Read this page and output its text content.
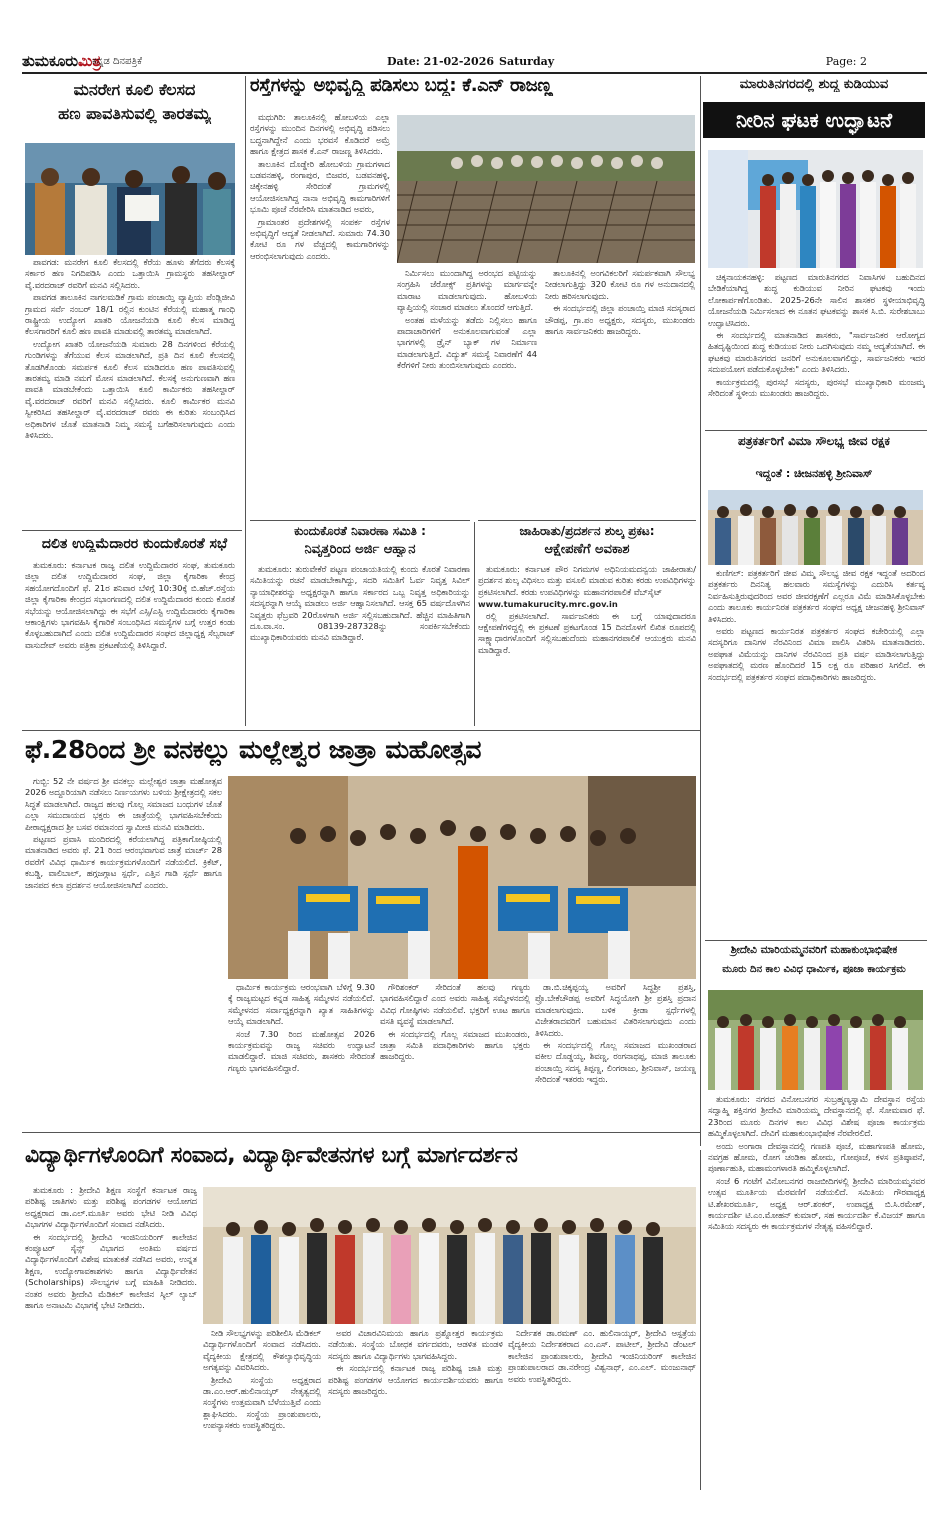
ತುಮಕೂರುಮಿತ್ರ
ಕನ್ನಡ ದಿನಪತ್ರಿಕೆ	Date: 21-02-2026 Saturday	Page: 2
ಮನರೇಗ ಕೂಲಿ ಕೆಲಸದ
ಹಣ ಪಾವತಿಸುವಲ್ಲಿ ತಾರತಮ್ಯ

ಪಾವಗಡ: ಮನರೇಗ ಕೂಲಿ ಕೆಲಸದಲ್ಲಿ ಕೆರೆಯ ಹೂಳು ತೆಗೆದರು ಕೆಲಸಕ್ಕೆ ಸರ್ಕಾರ ಹಣ ನಿಗದಿಪಡಿಸಿ ಎಂದು ಒತ್ತಾಯಿಸಿ ಗ್ರಾಮಸ್ಥರು ತಹಸೀಲ್ದಾರ್ ವೈ.ವರದರಾಜ್ ರವರಿಗೆ ಮನವಿ ಸಲ್ಲಿಸಿದರು.

ಪಾವಗಡ ತಾಲೂಕಿನ ನಾಗಲಮಡಿಕೆ ಗ್ರಾಮ ಪಂಚಾಯ್ತಿ ವ್ಯಾಪ್ತಿಯ ಪೆಂಡ್ಲಿಜೀವಿ ಗ್ರಾಮದ ಸರ್ವೆ ನಂಬರ್ 18/1 ರಲ್ಲಿನ ಕುಂಟಿನ ಕೆರೆಯಲ್ಲಿ ಮಹಾತ್ಮ ಗಾಂಧಿ ರಾಷ್ಟ್ರೀಯ ಉದ್ಯೋಗ ಖಾತರಿ ಯೋಜನೆಯಡಿ ಕೂಲಿ ಕೆಲಸ ಮಾಡಿದ್ದ ಕೆಲಸಗಾರರಿಗೆ ಕೂಲಿ ಹಣ ಪಾವತಿ ಮಾಡುವಲ್ಲಿ ತಾರತಮ್ಯ ಮಾಡಲಾಗಿದೆ.

ಉದ್ಯೋಗ ಖಾತರಿ ಯೋಜನೆಯಡಿ ಸುಮಾರು 28 ದಿನಗಳಿಂದ ಕೆರೆಯಲ್ಲಿ ಗುಂಡಿಗಳನ್ನು ತೆಗೆಯುವ ಕೆಲಸ ಮಾಡಲಾಗಿದೆ, ಪ್ರತಿ ದಿನ ಕೂಲಿ ಕೆಲಸದಲ್ಲಿ ತೊಡಗಿಕೊಂಡು ಸಮರ್ಪಕ ಕೂಲಿ ಕೆಲಸ ಮಾಡಿದರೂ ಹಣ ಪಾವತಿಸುವಲ್ಲಿ ತಾರತಮ್ಯ ಮಾಡಿ ನಮಗೆ ಮೋಸ ಮಾಡಲಾಗಿದೆ. ಕೆಲಸಕ್ಕೆ ಅನುಗುಣವಾಗಿ ಹಣ ಪಾವತಿ ಮಾಡಬೇಕೆಂದು ಒತ್ತಾಯಿಸಿ ಕೂಲಿ ಕಾರ್ಮಿಕರು ತಹಸೀಲ್ದಾರ್ ವೈ.ವರದರಾಜ್ ರವರಿಗೆ ಮನವಿ ಸಲ್ಲಿಸಿದರು. ಕೂಲಿ ಕಾರ್ಮಿಕರ ಮನವಿ ಸ್ವೀಕರಿಸಿದ ತಹಸೀಲ್ದಾರ್ ವೈ.ವರದರಾಜ್ ರವರು ಈ ಕುರಿತು ಸಂಬಂಧಿಸಿದ ಅಧಿಕಾರಿಗಳ ಜೊತೆ ಮಾತನಾಡಿ ನಿಮ್ಮ ಸಮಸ್ಯೆ ಬಗೆಹರಿಸಲಾಗುವುದು ಎಂದು ತಿಳಿಸಿದರು.

ದಲಿತ ಉದ್ದಿಮೆದಾರರ ಕುಂದುಕೊರತೆ ಸಭೆ

ತುಮಕೂರು: ಕರ್ನಾಟಕ ರಾಜ್ಯ ದಲಿತ ಉದ್ದಿಮೆದಾರರ ಸಂಘ, ತುಮಕೂರು ಜಿಲ್ಲಾ ದಲಿತ ಉದ್ದಿಮೆದಾರರ ಸಂಘ, ಜಿಲ್ಲಾ ಕೈಗಾರಿಕಾ ಕೇಂದ್ರ ಸಹಯೋಗದೊಂದಿಗೆ ಫೆ. 21ರ ಶನಿವಾರ ಬೆಳಿಗ್ಗೆ 10:30ಕ್ಕೆ ಬಿ.ಹೆಚ್.ರಸ್ತೆಯ ಜಿಲ್ಲಾ ಕೈಗಾರಿಕಾ ಕೇಂದ್ರದ ಸಭಾಂಗಣದಲ್ಲಿ ದಲಿತ ಉದ್ದಿಮೆದಾರರ ಕುಂದು ಕೊರತೆ ಸಭೆಯನ್ನು ಆಯೋಜಿಸಲಾಗಿದ್ದು ಈ ಸಭೆಗೆ ಎಸ್ಸಿ/ಎಸ್ಟಿ ಉದ್ದಿಮೆದಾರರು ಕೈಗಾರಿಕಾ ಆಕಾಂಕ್ಷಿಗಳು ಭಾಗವಹಿಸಿ ಕೈಗಾರಿಕೆ ಸಂಬಂಧಿಸಿದ ಸಮಸ್ಯೆಗಳ ಬಗ್ಗೆ ಉತ್ತರ ಕಂಡು ಕೊಳ್ಳಬಹುದಾಗಿದೆ ಎಂದು ದಲಿತ ಉದ್ದಿಮೆದಾರರ ಸಂಘದ ಜಿಲ್ಲಾಧ್ಯಕ್ಷ ಸೆಲ್ವರಾಜ್ ವಾಸುದೇವ್ ಅವರು ಪತ್ರಿಕಾ ಪ್ರಕಟಣೆಯಲ್ಲಿ ತಿಳಿಸಿದ್ದಾರೆ.

ರಸ್ತೆಗಳನ್ನು ಅಭಿವೃದ್ಧಿ ಪಡಿಸಲು ಬದ್ಧ: ಕೆ.ಎನ್ ರಾಜಣ್ಣ

ಮಧುಗಿರಿ: ತಾಲೂಕಿನಲ್ಲಿ ಹೋಬಳಿಯ ಎಲ್ಲಾ ರಸ್ತೆಗಳನ್ನು ಮುಂದಿನ ದಿನಗಳಲ್ಲಿ ಅಭಿವೃದ್ಧಿ ಪಡಿಸಲು ಬದ್ಧನಾಗಿದ್ದೇನೆ ಎಂದು ಭರವಸೆ ಕೊಡಿದರೆ ಅಮ್ರೆ ಹಾಗೂ ಕ್ಷೇತ್ರದ ಶಾಸಕ ಕೆ.ಎನ್ ರಾಜಣ್ಣ ತಿಳಿಸಿದರು.

ತಾಲೂಕಿನ ದೊಡ್ಡೇರಿ ಹೋಬಳಿಯ ಗ್ರಾಮಗಳಾದ ಬಡವನಹಳ್ಳಿ, ರಂಗಾಪುರ, ಬಿಜವರ, ಬಡವನಹಳ್ಳಿ, ಚಿಕ್ಕೇನಹಳ್ಳಿ ಸೇರಿದಂತೆ ಗ್ರಾಮಗಳಲ್ಲಿ ಆಯೋಜಿಸಲಾಗಿದ್ದ ನಾನಾ ಅಭಿವೃದ್ಧಿ ಕಾಮಗಾರಿಗಳಿಗೆ ಭೂಮಿ ಪೂಜೆ ನೆರವೇರಿಸಿ ಮಾತನಾಡಿದ ಅವರು,

ಗ್ರಾಮಾಂತರ ಪ್ರದೇಶಗಳಲ್ಲಿ ಸಂಪರ್ಕ ರಸ್ತೆಗಳ ಅಭಿವೃದ್ಧಿಗೆ ಆದ್ಯತೆ ನೀಡಲಾಗಿದೆ. ಸುಮಾರು 74.30 ಕೋಟಿ ರೂ ಗಳ ವೆಚ್ಚದಲ್ಲಿ ಕಾಮಗಾರಿಗಳನ್ನು ಆರಂಭಿಸಲಾಗುವುದು ಎಂದರು.

ನಿರ್ಮಿಸಲು ಮುಂದಾಗಿದ್ದ ಅರಂಭದ ಪಟ್ಟಿಯನ್ನು ಸಂಗ್ರಹಿಸಿ ಜೆರೋಕ್ಸ್ ಪ್ರತಿಗಳನ್ನು ಮಾರ್ಗವನ್ನೇ ಮಾರಾಟ ಮಾಡಲಾಗುವುದು. ಹೋಬಳಿಯ ವ್ಯಾಪ್ತಿಯಲ್ಲಿ ಸಂಚಾರ ಮಾಡಲು ತೊಂದರೆ ಆಗುತ್ತಿದೆ.

ಅಂತಹ ಮಳೆಯನ್ನು ತಡೆದು ನಿಲ್ಲಿಸಲು ಹಾಗೂ ಪಾದಾಚಾರಿಗಳಿಗೆ ಅನುಕೂಲವಾಗುವಂತೆ ಎಲ್ಲಾ ಭಾಗಗಳಲ್ಲಿ ಡ್ರೈನ್ ಬ್ಯಾಕ್ ಗಳ ನಿರ್ಮಾಣ ಮಾಡಲಾಗುತ್ತಿದೆ. ವಿದ್ಯುತ್ ಸಮಸ್ಯೆ ನಿವಾರಣೆಗೆ 44 ಕೆರೆಗಳಿಗೆ ನೀರು ತುಂಬಿಸಲಾಗುವುದು ಎಂದರು.

ತಾಲೂಕಿನಲ್ಲಿ ಅಂಗವಿಕಲರಿಗೆ ಸಮರ್ಪಕವಾಗಿ ಸೌಲಭ್ಯ ನೀಡಲಾಗುತ್ತಿದ್ದು 320 ಕೋಟಿ ರೂ ಗಳ ಅನುದಾನದಲ್ಲಿ ನೀರು ಹರಿಸಲಾಗುವುದು.

ಈ ಸಂದರ್ಭದಲ್ಲಿ ಜಿಲ್ಲಾ ಪಂಚಾಯ್ತಿ ಮಾಜಿ ಸದಸ್ಯರಾದ ಚೌಡಪ್ಪ, ಗ್ರಾ.ಪಂ ಅಧ್ಯಕ್ಷರು, ಸದಸ್ಯರು, ಮುಖಂಡರು ಹಾಗೂ ಸಾರ್ವಜನಿಕರು ಹಾಜರಿದ್ದರು.

ಕುಂದುಕೊರತೆ ನಿವಾರಣಾ ಸಮಿತಿ :
ನಿವೃತ್ತರಿಂದ ಅರ್ಜಿ ಆಹ್ವಾನ

ತುಮಕೂರು: ತುರುವೇಕೆರೆ ಪಟ್ಟಣ ಪಂಚಾಯತಿಯಲ್ಲಿ ಕುಂದು ಕೊರತೆ ನಿವಾರಣಾ ಸಮಿತಿಯನ್ನು ರಚನೆ ಮಾಡಬೇಕಾಗಿದ್ದು, ಸದರಿ ಸಮಿತಿಗೆ ಓರ್ವ ನಿವೃತ್ತ ಸಿವಿಲ್ ನ್ಯಾಯಾಧೀಶರನ್ನು ಅಧ್ಯಕ್ಷರನ್ನಾಗಿ ಹಾಗೂ ಸರ್ಕಾರದ ಒಬ್ಬ ನಿವೃತ್ತ ಅಧಿಕಾರಿಯನ್ನು ಸದಸ್ಯರನ್ನಾಗಿ ಆಯ್ಕೆ ಮಾಡಲು ಅರ್ಜಿ ಆಹ್ವಾನಿಸಲಾಗಿದೆ. ಆಸಕ್ತ 65 ವರ್ಷದೊಳಗಿನ ನಿವೃತ್ತರು ಫೆಬ್ರವರಿ 20ರೊಳಗಾಗಿ ಅರ್ಜಿ ಸಲ್ಲಿಸಬಹುದಾಗಿದೆ. ಹೆಚ್ಚಿನ ಮಾಹಿತಿಗಾಗಿ ದೂ.ವಾ.ಸಂ. 08139-287328ನ್ನು ಸಂಪರ್ಕಿಸಬೇಕೆಂದು ಮುಖ್ಯಾಧಿಕಾರಿಯವರು ಮನವಿ ಮಾಡಿದ್ದಾರೆ.

ಜಾಹಿರಾತು/ಪ್ರದರ್ಶನ ಶುಲ್ಕ ಪ್ರಕಟ:
ಆಕ್ಷೇಪಣೆಗೆ ಅವಕಾಶ

ತುಮಕೂರು: ಕರ್ನಾಟಕ ಪೌರ ನಿಗಮಗಳ ಅಧಿನಿಯಮದನ್ವಯ ಜಾಹೀರಾತು/ಪ್ರದರ್ಶನ ಶುಲ್ಕ ವಿಧಿಸಲು ಮತ್ತು ವಸೂಲಿ ಮಾಡುವ ಕುರಿತು ಕರಡು ಉಪವಿಧಿಗಳನ್ನು ಪ್ರಕಟಿಸಲಾಗಿದೆ. ಕರಡು ಉಪವಿಧಿಗಳನ್ನು ಮಹಾನಗರಪಾಲಿಕೆ ವೆಬ್‌ಸೈಟ್

www.tumakurucity.mrc.gov.in

ರಲ್ಲಿ ಪ್ರಕಟಿಸಲಾಗಿದೆ. ಸಾರ್ವಜನಿಕರು ಈ ಬಗ್ಗೆ ಯಾವುದಾದರೂ ಆಕ್ಷೇಪಣೆಗಳಿದ್ದಲ್ಲಿ ಈ ಪ್ರಕಟಣೆ ಪ್ರಕಟಗೊಂಡ 15 ದಿನದೊಳಗೆ ಲಿಖಿತ ರೂಪದಲ್ಲಿ ಸಾಕ್ಷ್ಯಾಧಾರಗಳೊಂದಿಗೆ ಸಲ್ಲಿಸಬಹುದೆಂದು ಮಹಾನಗರಪಾಲಿಕೆ ಆಯುಕ್ತರು ಮನವಿ ಮಾಡಿದ್ದಾರೆ.

ಮಾರುತಿನಗರದಲ್ಲಿ ಶುದ್ಧ ಕುಡಿಯುವ
ನೀರಿನ ಘಟಕ ಉದ್ಘಾಟನೆ

ಚಿಕ್ಕನಾಯಕನಹಳ್ಳಿ: ಪಟ್ಟಣದ ಮಾರುತಿನಗರದ ನಿವಾಸಿಗಳ ಬಹುದಿನದ ಬೇಡಿಕೆಯಾಗಿದ್ದ ಶುದ್ಧ ಕುಡಿಯುವ ನೀರಿನ ಘಟಕವು ಇಂದು ಲೋಕಾರ್ಪಣೆಗೊಂಡಿತು. 2025-26ನೇ ಸಾಲಿನ ಶಾಸಕರ ಸ್ಥಳೀಯಾಭಿವೃದ್ಧಿ ಯೋಜನೆಯಡಿ ನಿರ್ಮಿಸಲಾದ ಈ ನೂತನ ಘಟಕವನ್ನು ಶಾಸಕ ಸಿ.ಬಿ. ಸುರೇಶಬಾಬು ಉದ್ಘಾಟಿಸಿದರು.

ಈ ಸಂದರ್ಭದಲ್ಲಿ ಮಾತನಾಡಿದ ಶಾಸಕರು, "ಸಾರ್ವಜನಿಕರ ಆರೋಗ್ಯದ ಹಿತದೃಷ್ಟಿಯಿಂದ ಶುದ್ಧ ಕುಡಿಯುವ ನೀರು ಒದಗಿಸುವುದು ನಮ್ಮ ಆದ್ಯತೆಯಾಗಿದೆ. ಈ ಘಟಕವು ಮಾರುತಿನಗರದ ಜನರಿಗೆ ಅನುಕೂಲವಾಗಲಿದ್ದು, ಸಾರ್ವಜನಿಕರು ಇದರ ಸದುಪಯೋಗ ಪಡೆದುಕೊಳ್ಳಬೇಕು" ಎಂದು ತಿಳಿಸಿದರು.

ಕಾರ್ಯಕ್ರಮದಲ್ಲಿ ಪುರಸಭೆ ಸದಸ್ಯರು, ಪುರಸಭೆ ಮುಖ್ಯಾಧಿಕಾರಿ ಮಂಜಮ್ಮ ಸೇರಿದಂತೆ ಸ್ಥಳೀಯ ಮುಖಂಡರು ಹಾಜರಿದ್ದರು.

ಪತ್ರಕರ್ತರಿಗೆ ವಿಮಾ ಸೌಲಭ್ಯ ಜೀವ ರಕ್ಷಕ
ಇದ್ದಂತೆ : ಚೀಜನಹಳ್ಳಿ ಶ್ರೀನಿವಾಸ್

ಕುಣಿಗಲ್: ಪತ್ರಕರ್ತರಿಗೆ ಜೀವ ವಿಮ್ಮ ಸೌಲಭ್ಯ ಜೀವ ರಕ್ಷಕ ಇದ್ದಂತೆ ಅದರಿಂದ ಪತ್ರಕರ್ತರು ದಿನನಿತ್ಯ ಹಲವಾರು ಸಮಸ್ಯೆಗಳನ್ನು ಎದುರಿಸಿ ಕರ್ತವ್ಯ ನಿರ್ವಹಿಸುತ್ತಿರುವುದರಿಂದ ಅವರ ಜೀವರಕ್ಷಣೆಗೆ ಎಲ್ಲರೂ ವಿಮೆ ಮಾಡಿಸಿಕೊಳ್ಳಬೇಕು ಎಂದು ತಾಲೂಕು ಕಾರ್ಯನಿರತ ಪತ್ರಕರ್ತರ ಸಂಘದ ಅಧ್ಯಕ್ಷ ಚೀಜನಹಳ್ಳಿ ಶ್ರೀನಿವಾಸ್ ತಿಳಿಸಿದರು.

ಅವರು ಪಟ್ಟಣದ ಕಾರ್ಯನಿರತ ಪತ್ರಕರ್ತರ ಸಂಘದ ಕಚೇರಿಯಲ್ಲಿ ಎಲ್ಲಾ ಸದಸ್ಯರಿಗೂ ದಾನಿಗಳ ನೆರವಿನಿಂದ ವಿಮಾ ಪಾಲಿಸಿ ವಿತರಿಸಿ ಮಾತನಾಡಿದರು. ಅಪಘಾತ ವಿಮೆಯನ್ನು ದಾನಿಗಳ ನೆರವಿನಿಂದ ಪ್ರತಿ ವರ್ಷ ಮಾಡಿಸಲಾಗುತ್ತಿದ್ದು ಅಪಘಾತದಲ್ಲಿ ಮರಣ ಹೊಂದಿದರೆ 15 ಲಕ್ಷ ರೂ ಪರಿಹಾರ ಸಿಗಲಿದೆ. ಈ ಸಂದರ್ಭದಲ್ಲಿ ಪತ್ರಕರ್ತರ ಸಂಘದ ಪದಾಧಿಕಾರಿಗಳು ಹಾಜರಿದ್ದರು.

ಫೆ.28ರಿಂದ ಶ್ರೀ ವನಕಲ್ಲು ಮಲ್ಲೇಶ್ವರ ಜಾತ್ರಾ ಮಹೋತ್ಸವ

ಗುಬ್ಬಿ: 52 ನೇ ವರ್ಷದ ಶ್ರೀ ವನಕಲ್ಲು ಮಲ್ಲೇಶ್ವರ ಜಾತ್ರಾ ಮಹೋತ್ಸವ 2026 ಅದ್ದೂರಿಯಾಗಿ ನಡೆಸಲು ನಿರ್ಣಯಗಳು ಬಳಿಯ ಶ್ರೀಕ್ಷೇತ್ರದಲ್ಲಿ ಸಕಲ ಸಿದ್ಧತೆ ಮಾಡಲಾಗಿದೆ. ರಾಜ್ಯದ ಹಲವು ಗೊಲ್ಲ ಸಮಾಜದ ಬಂಧುಗಳ ಜೊತೆ ಎಲ್ಲಾ ಸಮುದಾಯದ ಭಕ್ತರು ಈ ಜಾತ್ರೆಯಲ್ಲಿ ಭಾಗವಹಿಸಬೇಕೆಂದು ಪೀಠಾಧ್ಯಕ್ಷರಾದ ಶ್ರೀ ಬಸವ ರಮಾನಂದ ಸ್ವಾಮೀಜಿ ಮನವಿ ಮಾಡಿದರು.

ಪಟ್ಟಣದ ಪ್ರವಾಸಿ ಮಂದಿರದಲ್ಲಿ ಕರೆಯಲಾಗಿದ್ದ ಪತ್ರಿಕಾಗೋಷ್ಠಿಯಲ್ಲಿ ಮಾತನಾಡಿದ ಅವರು ಫೆ. 21 ರಿಂದ ಆರಂಭವಾಗುವ ಜಾತ್ರೆ ಮಾರ್ಚ್ 28 ರವರೆಗೆ ವಿವಿಧ ಧಾರ್ಮಿಕ ಕಾರ್ಯಕ್ರಮಗಳೊಂದಿಗೆ ನಡೆಯಲಿದೆ. ಕ್ರಿಕೆಟ್, ಕಬಡ್ಡಿ, ವಾಲಿಬಾಲ್, ಹಗ್ಗಜಗ್ಗಾಟ ಸ್ಪರ್ಧೆ, ಎತ್ತಿನ ಗಾಡಿ ಸ್ಪರ್ಧೆ ಹಾಗೂ ಜಾನಪದ ಕಲಾ ಪ್ರದರ್ಶನ ಆಯೋಜಿಸಲಾಗಿದೆ ಎಂದರು.

ಧಾರ್ಮಿಕ ಕಾರ್ಯಕ್ರಮ ಆರಂಭವಾಗಿ ಬೆಳಿಗ್ಗೆ 9.30 ಕ್ಕೆ ರಾಜ್ಯಮಟ್ಟದ ಕನ್ನಡ ಸಾಹಿತ್ಯ ಸಮ್ಮೇಳನ ನಡೆಯಲಿದೆ. ಸಮ್ಮೇಳನದ ಸರ್ವಾಧ್ಯಕ್ಷರನ್ನಾಗಿ ಖ್ಯಾತ ಸಾಹಿತಿಗಳನ್ನು ಆಯ್ಕೆ ಮಾಡಲಾಗಿದೆ.

ಸಂಜೆ 7.30 ರಿಂದ ಮಹೋತ್ಸವ 2026 ಕಾರ್ಯಕ್ರಮವನ್ನು ರಾಜ್ಯ ಸಚಿವರು ಉದ್ಘಾಟನೆ ಮಾಡಲಿದ್ದಾರೆ. ಮಾಜಿ ಸಚಿವರು, ಶಾಸಕರು ಸೇರಿದಂತೆ ಗಣ್ಯರು ಭಾಗವಹಿಸಲಿದ್ದಾರೆ.

ಗೌರಿಶಂಕರ್ ಸೇರಿದಂತೆ ಹಲವು ಗಣ್ಯರು ಭಾಗವಹಿಸಲಿದ್ದಾರೆ ಎಂದ ಅವರು ಸಾಹಿತ್ಯ ಸಮ್ಮೇಳನದಲ್ಲಿ ವಿವಿಧ ಗೋಷ್ಠಿಗಳು ನಡೆಯಲಿವೆ. ಭಕ್ತರಿಗೆ ಊಟ ಹಾಗೂ ವಸತಿ ವ್ಯವಸ್ಥೆ ಮಾಡಲಾಗಿದೆ.

ಈ ಸಂದರ್ಭದಲ್ಲಿ ಗೊಲ್ಲ ಸಮಾಜದ ಮುಖಂಡರು, ಜಾತ್ರಾ ಸಮಿತಿ ಪದಾಧಿಕಾರಿಗಳು ಹಾಗೂ ಭಕ್ತರು ಹಾಜರಿದ್ದರು.

ಡಾ.ಬಿ.ಚಿಕ್ಕಪ್ಪಯ್ಯ ಅವರಿಗೆ ಸಿದ್ಧಶ್ರೀ ಪ್ರಶಸ್ತಿ, ಪ್ರೊ.ಬೇಕೆಚೌಡಪ್ಪ ಅವರಿಗೆ ಸಿದ್ಧಯೋಗಿ ಶ್ರೀ ಪ್ರಶಸ್ತಿ ಪ್ರದಾನ ಮಾಡಲಾಗುವುದು. ಬಳಿಕ ಕ್ರೀಡಾ ಸ್ಪರ್ಧೆಗಳಲ್ಲಿ ವಿಜೇತರಾದವರಿಗೆ ಬಹುಮಾನ ವಿತರಿಸಲಾಗುವುದು ಎಂದು ತಿಳಿಸಿದರು.

ಈ ಸಂದರ್ಭದಲ್ಲಿ ಗೊಲ್ಲ ಸಮಾಜದ ಮುಖಂಡರಾದ ವಕೀಲ ದೊಡ್ಡಯ್ಯ, ಶಿವಣ್ಣ, ರಂಗನಾಥಪ್ಪ, ಮಾಜಿ ತಾಲೂಕು ಪಂಚಾಯ್ತಿ ಸದಸ್ಯ ತಿಪ್ಪಣ್ಣ, ಲಿಂಗರಾಜು, ಶ್ರೀನಿವಾಸ್, ಜಯಣ್ಣ ಸೇರಿದಂತೆ ಇತರರು ಇದ್ದರು.

ಶ್ರೀದೇವಿ ಮಾರಿಯಮ್ಮನವರಿಗೆ ಮಹಾಕುಂಭಾಭಿಷೇಕ
ಮೂರು ದಿನ ಕಾಲ ವಿವಿಧ ಧಾರ್ಮಿಕ, ಪೂಜಾ ಕಾರ್ಯಕ್ರಮ

ತುಮಕೂರು: ನಗರದ ವಿನೋಬನಗರ ಸುಬ್ರಹ್ಮಣ್ಯಸ್ವಾಮಿ ದೇವಸ್ಥಾನ ರಸ್ತೆಯ ಸದ್ವಾಹ್ಮಿ ಶಕ್ತಿನಗರ ಶ್ರೀದೇವಿ ಮಾರಿಯಮ್ಮ ದೇವಸ್ಥಾನದಲ್ಲಿ ಫೆ. ಸೋಮವಾರ ಫೆ. 23ರಿಂದ ಮೂರು ದಿನಗಳ ಕಾಲ ವಿವಿಧ ವಿಶೇಷ ಪೂಜಾ ಕಾರ್ಯಕ್ರಮ ಹಮ್ಮಿಕೊಳ್ಳಲಾಗಿದೆ. ದೇವಿಗೆ ಮಹಾಕುಂಭಾಭಿಷೇಕ ನೆರವೇರಲಿದೆ.

ಅಂದು ಅಂಗಾರಾ ದೇವಸ್ಥಾನದಲ್ಲಿ ಗಣಪತಿ ಪೂಜೆ, ಮಹಾಗಣಪತಿ ಹೋಮ, ನವಗ್ರಹ ಹೋಮ, ರೋಗ ಚಂಡಿಕಾ ಹೋಮ, ಗೋಪೂಜೆ, ಕಳಸ ಪ್ರತಿಷ್ಠಾಪನೆ, ಪೂರ್ಣಾಹುತಿ, ಮಹಾಮಂಗಳಾರತಿ ಹಮ್ಮಿಕೊಳ್ಳಲಾಗಿದೆ.

ಸಂಜೆ 6 ಗಂಟೆಗೆ ವಿನೋಬನಗರ ರಾಜಬೀದಿಗಳಲ್ಲಿ ಶ್ರೀದೇವಿ ಮಾರಿಯಮ್ಮನವರ ಉತ್ಸವ ಮೂರ್ತಿಯ ಮೆರವಣಿಗೆ ನಡೆಯಲಿದೆ. ಸಮಿತಿಯ ಗೌರವಾಧ್ಯಕ್ಷ ಟಿ.ಶೇಖರಮೂರ್ತಿ, ಅಧ್ಯಕ್ಷ ಆರ್.ಶಂಕರ್, ಉಪಾಧ್ಯಕ್ಷ ಬಿ.ಸಿ.ರಮೇಶ್, ಕಾರ್ಯದರ್ಶಿ ಟಿ.ಎಂ.ಮೋಹನ್ ಕುಮಾರ್, ಸಹ ಕಾರ್ಯದರ್ಶಿ ಕೆ.ವಿಜಯ್ ಹಾಗೂ ಸಮಿತಿಯ ಸದಸ್ಯರು ಈ ಕಾರ್ಯಕ್ರಮಗಳ ನೇತೃತ್ವ ವಹಿಸಲಿದ್ದಾರೆ.

ವಿದ್ಯಾರ್ಥಿಗಳೊಂದಿಗೆ ಸಂವಾದ, ವಿದ್ಯಾರ್ಥಿವೇತನಗಳ ಬಗ್ಗೆ ಮಾರ್ಗದರ್ಶನ

ತುಮಕೂರು : ಶ್ರೀದೇವಿ ಶಿಕ್ಷಣ ಸಂಸ್ಥೆಗೆ ಕರ್ನಾಟಕ ರಾಜ್ಯ ಪರಿಶಿಷ್ಟ ಜಾತಿಗಳು ಮತ್ತು ಪರಿಶಿಷ್ಟ ಪಂಗಡಗಳ ಆಯೋಗದ ಅಧ್ಯಕ್ಷರಾದ ಡಾ.ಎಲ್.ಮೂರ್ತಿ ಅವರು ಭೇಟಿ ನೀಡಿ ವಿವಿಧ ವಿಭಾಗಗಳ ವಿದ್ಯಾರ್ಥಿಗಳೊಂದಿಗೆ ಸಂವಾದ ನಡೆಸಿದರು.

ಈ ಸಂದರ್ಭದಲ್ಲಿ ಶ್ರೀದೇವಿ ಇಂಜಿನಿಯರಿಂಗ್ ಕಾಲೇಜಿನ ಕಂಪ್ಯೂಟರ್ ಸೈನ್ಸ್ ವಿಭಾಗದ ಅಂತಿಮ ವರ್ಷದ ವಿದ್ಯಾರ್ಥಿಗಳೊಂದಿಗೆ ವಿಶೇಷ ಮಾತುಕತೆ ನಡೆಸಿದ ಅವರು, ಉನ್ನತ ಶಿಕ್ಷಣ, ಉದ್ಯೋಗಾವಕಾಶಗಳು ಹಾಗೂ ವಿದ್ಯಾರ್ಥಿವೇತನ (Scholarships) ಸೌಲಭ್ಯಗಳ ಬಗ್ಗೆ ಮಾಹಿತಿ ನೀಡಿದರು. ನಂತರ ಅವರು ಶ್ರೀದೇವಿ ಮೆಡಿಕಲ್ ಕಾಲೇಜಿನ ಸ್ಕಿಲ್ ಲ್ಯಾಬ್ ಹಾಗೂ ಅನಾಟಮಿ ವಿಭಾಗಕ್ಕೆ ಭೇಟಿ ನೀಡಿದರು.

ನೀಡಿ ಸೌಲಭ್ಯಗಳನ್ನು ಪರಿಶೀಲಿಸಿ ಮೆಡಿಕಲ್ ವಿದ್ಯಾರ್ಥಿಗಳೊಂದಿಗೆ ಸಂವಾದ ನಡೆಸಿದರು. ವೈದ್ಯಕೀಯ ಕ್ಷೇತ್ರದಲ್ಲಿ ಕೌಶಲ್ಯಾಭಿವೃದ್ಧಿಯ ಅಗತ್ಯವನ್ನು ವಿವರಿಸಿದರು.

ಶ್ರೀದೇವಿ ಸಂಸ್ಥೆಯ ಅಧ್ಯಕ್ಷರಾದ ಡಾ.ಎಂ.ಆರ್.ಹುಲಿನಾಯ್ಕರ್ ನೇತೃತ್ವದಲ್ಲಿ ಸಂಸ್ಥೆಗಳು ಉತ್ತಮವಾಗಿ ಬೆಳೆಯುತ್ತಿವೆ ಎಂದು ಶ್ಲಾಘಿಸಿದರು. ಸಂಸ್ಥೆಯ ಪ್ರಾಂಶುಪಾಲರು, ಉಪನ್ಯಾಸಕರು ಉಪಸ್ಥಿತರಿದ್ದರು.

ಅವರ ವಿಚಾರವಿನಿಮಯ ಹಾಗೂ ಪ್ರಶ್ನೋತ್ತರ ಕಾರ್ಯಕ್ರಮ ನಡೆಯಿತು. ಸಂಸ್ಥೆಯ ಬೋಧಕ ವರ್ಗದವರು, ಆಡಳಿತ ಮಂಡಳಿ ಸದಸ್ಯರು ಹಾಗೂ ವಿದ್ಯಾರ್ಥಿಗಳು ಭಾಗವಹಿಸಿದ್ದರು.

ಈ ಸಂದರ್ಭದಲ್ಲಿ ಕರ್ನಾಟಕ ರಾಜ್ಯ ಪರಿಶಿಷ್ಟ ಜಾತಿ ಮತ್ತು ಪರಿಶಿಷ್ಟ ಪಂಗಡಗಳ ಆಯೋಗದ ಕಾರ್ಯದರ್ಶಿಯವರು ಹಾಗೂ ಸದಸ್ಯರು ಹಾಜರಿದ್ದರು.

ನಿರ್ದೇಶಕ ಡಾ.ರಮಣ್ ಎಂ. ಹುಲಿನಾಯ್ಕರ್, ಶ್ರೀದೇವಿ ಆಸ್ಪತ್ರೆಯ ವೈದ್ಯಕೀಯ ನಿರ್ದೇಶಕರಾದ ಎಂ.ಎಸ್. ಪಾಟೀಲ್, ಶ್ರೀದೇವಿ ಡೆಂಟಲ್ ಕಾಲೇಜಿನ ಪ್ರಾಂಶುಪಾಲರು, ಶ್ರೀದೇವಿ ಇಂಜಿನಿಯರಿಂಗ್ ಕಾಲೇಜಿನ ಪ್ರಾಂಶುಪಾಲರಾದ ಡಾ.ನರೇಂದ್ರ ವಿಶ್ವನಾಥ್, ಎಂ.ಎಲ್. ಮಂಜುನಾಥ್ ಅವರು ಉಪಸ್ಥಿತರಿದ್ದರು.
